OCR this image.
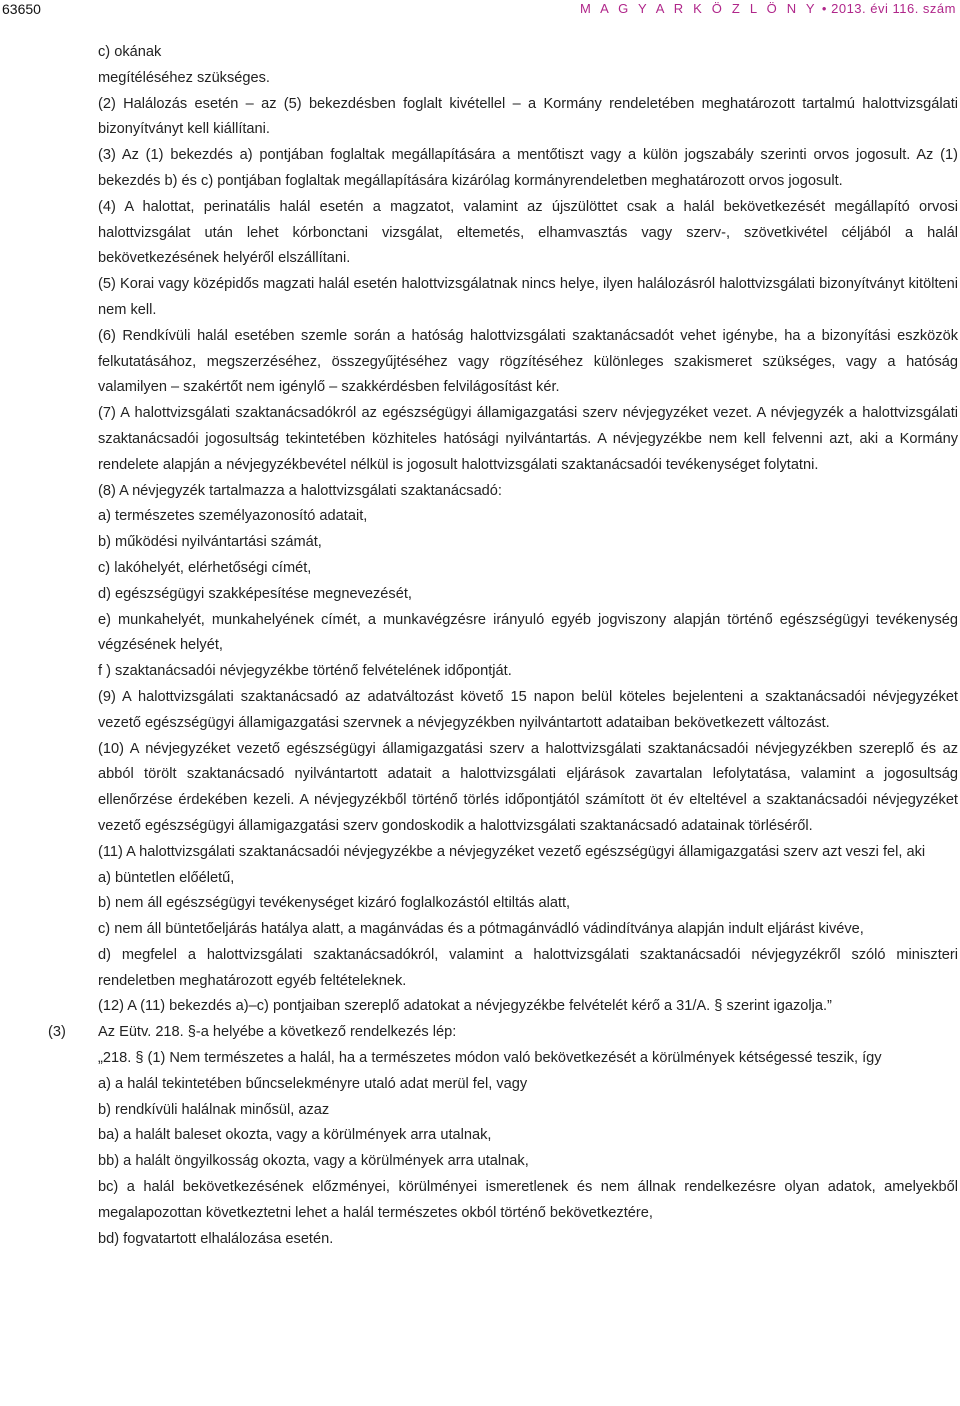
63650	M A G Y A R K Ö Z L Ö N Y • 2013. évi 116. szám

c) okának

megítéléséhez szükséges.

(2) Halálozás esetén – az (5) bekezdésben foglalt kivétellel – a Kormány rendeletében meghatározott tartalmú halottvizsgálati bizonyítványt kell kiállítani.

(3) Az (1) bekezdés a) pontjában foglaltak megállapítására a mentőtiszt vagy a külön jogszabály szerinti orvos jogosult. Az (1) bekezdés b) és c) pontjában foglaltak megállapítására kizárólag kormányrendeletben meghatározott orvos jogosult.

(4) A halottat, perinatális halál esetén a magzatot, valamint az újszülöttet csak a halál bekövetkezését megállapító orvosi halottvizsgálat után lehet kórbonctani vizsgálat, eltemetés, elhamvasztás vagy szerv-, szövetkivétel céljából a halál bekövetkezésének helyéről elszállítani.

(5) Korai vagy középidős magzati halál esetén halottvizsgálatnak nincs helye, ilyen halálozásról halottvizsgálati bizonyítványt kitölteni nem kell.

(6) Rendkívüli halál esetében szemle során a hatóság halottvizsgálati szaktanácsadót vehet igénybe, ha a bizonyítási eszközök felkutatásához, megszerzéséhez, összegyűjtéséhez vagy rögzítéséhez különleges szakismeret szükséges, vagy a hatóság valamilyen – szakértőt nem igénylő – szakkérdésben felvilágosítást kér.

(7) A halottvizsgálati szaktanácsadókról az egészségügyi államigazgatási szerv névjegyzéket vezet. A névjegyzék a halottvizsgálati szaktanácsadói jogosultság tekintetében közhiteles hatósági nyilvántartás. A névjegyzékbe nem kell felvenni azt, aki a Kormány rendelete alapján a névjegyzékbevétel nélkül is jogosult halottvizsgálati szaktanácsadói tevékenységet folytatni.

(8) A névjegyzék tartalmazza a halottvizsgálati szaktanácsadó:

a) természetes személyazonosító adatait,

b) működési nyilvántartási számát,

c) lakóhelyét, elérhetőségi címét,

d) egészségügyi szakképesítése megnevezését,

e) munkahelyét, munkahelyének címét, a munkavégzésre irányuló egyéb jogviszony alapján történő egészségügyi tevékenység végzésének helyét,

f ) szaktanácsadói névjegyzékbe történő felvételének időpontját.

(9) A halottvizsgálati szaktanácsadó az adatváltozást követő 15 napon belül köteles bejelenteni a szaktanácsadói névjegyzéket vezető egészségügyi államigazgatási szervnek a névjegyzékben nyilvántartott adataiban bekövetkezett változást.

(10) A névjegyzéket vezető egészségügyi államigazgatási szerv a halottvizsgálati szaktanácsadói névjegyzékben szereplő és az abból törölt szaktanácsadó nyilvántartott adatait a halottvizsgálati eljárások zavartalan lefolytatása, valamint a jogosultság ellenőrzése érdekében kezeli. A névjegyzékből történő törlés időpontjától számított öt év elteltével a szaktanácsadói névjegyzéket vezető egészségügyi államigazgatási szerv gondoskodik a halottvizsgálati szaktanácsadó adatainak törléséről.

(11) A halottvizsgálati szaktanácsadói névjegyzékbe a névjegyzéket vezető egészségügyi államigazgatási szerv azt veszi fel, aki

a) büntetlen előéletű,

b) nem áll egészségügyi tevékenységet kizáró foglalkozástól eltiltás alatt,

c) nem áll büntetőeljárás hatálya alatt, a magánvádas és a pótmagánvádló vádindítványa alapján indult eljárást kivéve,

d) megfelel a halottvizsgálati szaktanácsadókról, valamint a halottvizsgálati szaktanácsadói névjegyzékről szóló miniszteri rendeletben meghatározott egyéb feltételeknek.

(12) A (11) bekezdés a)–c) pontjaiban szereplő adatokat a névjegyzékbe felvételét kérő a 31/A. § szerint igazolja.”

(3) Az Eütv. 218. §-a helyébe a következő rendelkezés lép:

„218. § (1) Nem természetes a halál, ha a természetes módon való bekövetkezését a körülmények kétségessé teszik, így

a) a halál tekintetében bűncselekményre utaló adat merül fel, vagy

b) rendkívüli halálnak minősül, azaz

ba) a halált baleset okozta, vagy a körülmények arra utalnak,

bb) a halált öngyilkosság okozta, vagy a körülmények arra utalnak,

bc) a halál bekövetkezésének előzményei, körülményei ismeretlenek és nem állnak rendelkezésre olyan adatok, amelyekből megalapozottan következtetni lehet a halál természetes okból történő bekövetkeztére,

bd) fogvatartott elhalálozása esetén.
